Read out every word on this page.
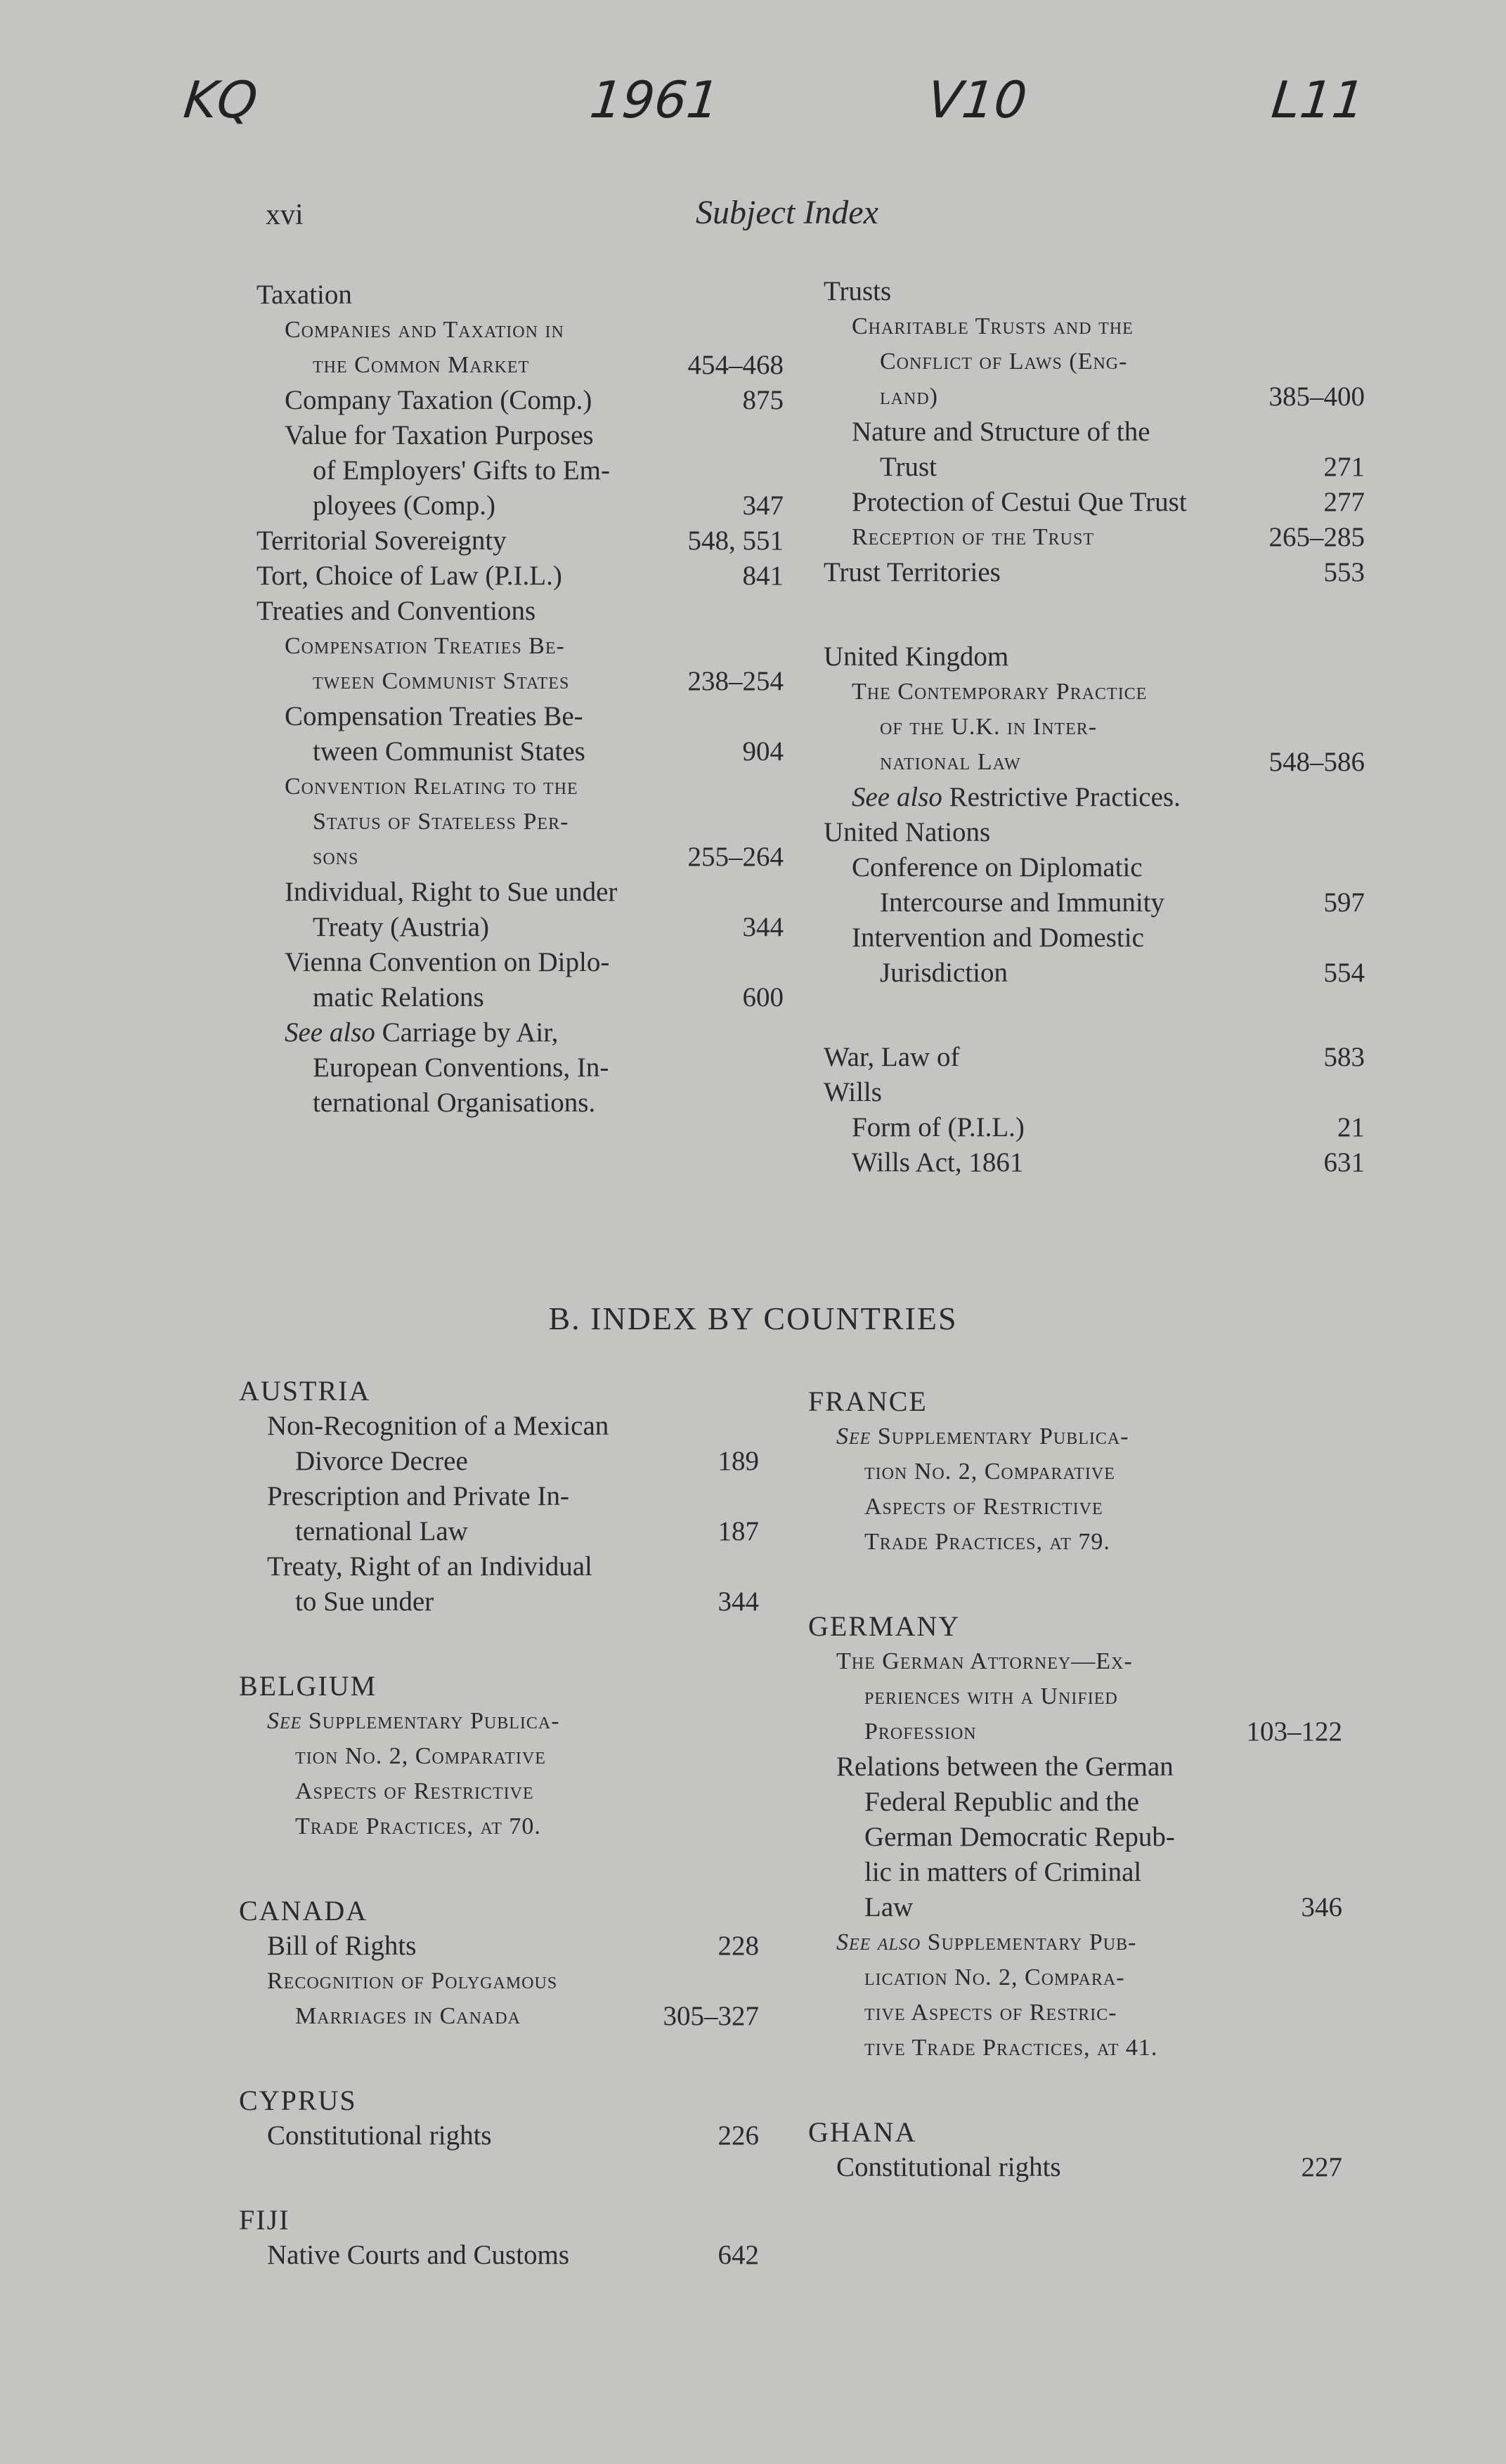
KQ	1961	V10	L11
xvi	Subject Index
Taxation
Companies and Taxation in
the Common Market	454–468
Company Taxation (Comp.)	875
Value for Taxation Purposes
of Employers' Gifts to Em-
ployees (Comp.)	347
Territorial Sovereignty	548, 551
Tort, Choice of Law (P.I.L.)	841
Treaties and Conventions
Compensation Treaties Be-
tween Communist States	238–254
Compensation Treaties Be-
tween Communist States	904
Convention Relating to the
Status of Stateless Per-
sons	255–264
Individual, Right to Sue under
Treaty (Austria)	344
Vienna Convention on Diplo-
matic Relations	600
See also Carriage by Air,
European Conventions, In-
ternational Organisations.
Trusts
Charitable Trusts and the
Conflict of Laws (Eng-
land)	385–400
Nature and Structure of the
Trust	271
Protection of Cestui Que Trust	277
Reception of the Trust	265–285
Trust Territories	553
United Kingdom
The Contemporary Practice
of the U.K. in Inter-
national Law	548–586
See also Restrictive Practices.
United Nations
Conference on Diplomatic
Intercourse and Immunity	597
Intervention and Domestic
Jurisdiction	554
War, Law of	583
Wills
Form of (P.I.L.)	21
Wills Act, 1861	631
B. INDEX BY COUNTRIES
AUSTRIA
Non-Recognition of a Mexican
Divorce Decree	189
Prescription and Private In-
ternational Law	187
Treaty, Right of an Individual
to Sue under	344
BELGIUM
See Supplementary Publica-
tion No. 2, Comparative
Aspects of Restrictive
Trade Practices, at 70.
CANADA
Bill of Rights	228
Recognition of Polygamous
Marriages in Canada	305–327
CYPRUS
Constitutional rights	226
FIJI
Native Courts and Customs	642
FRANCE
See Supplementary Publica-
tion No. 2, Comparative
Aspects of Restrictive
Trade Practices, at 79.
GERMANY
The German Attorney—Ex-
periences with a Unified
Profession	103–122
Relations between the German
Federal Republic and the
German Democratic Repub-
lic in matters of Criminal
Law	346
See also Supplementary Pub-
lication No. 2, Compara-
tive Aspects of Restric-
tive Trade Practices, at 41.
GHANA
Constitutional rights	227
